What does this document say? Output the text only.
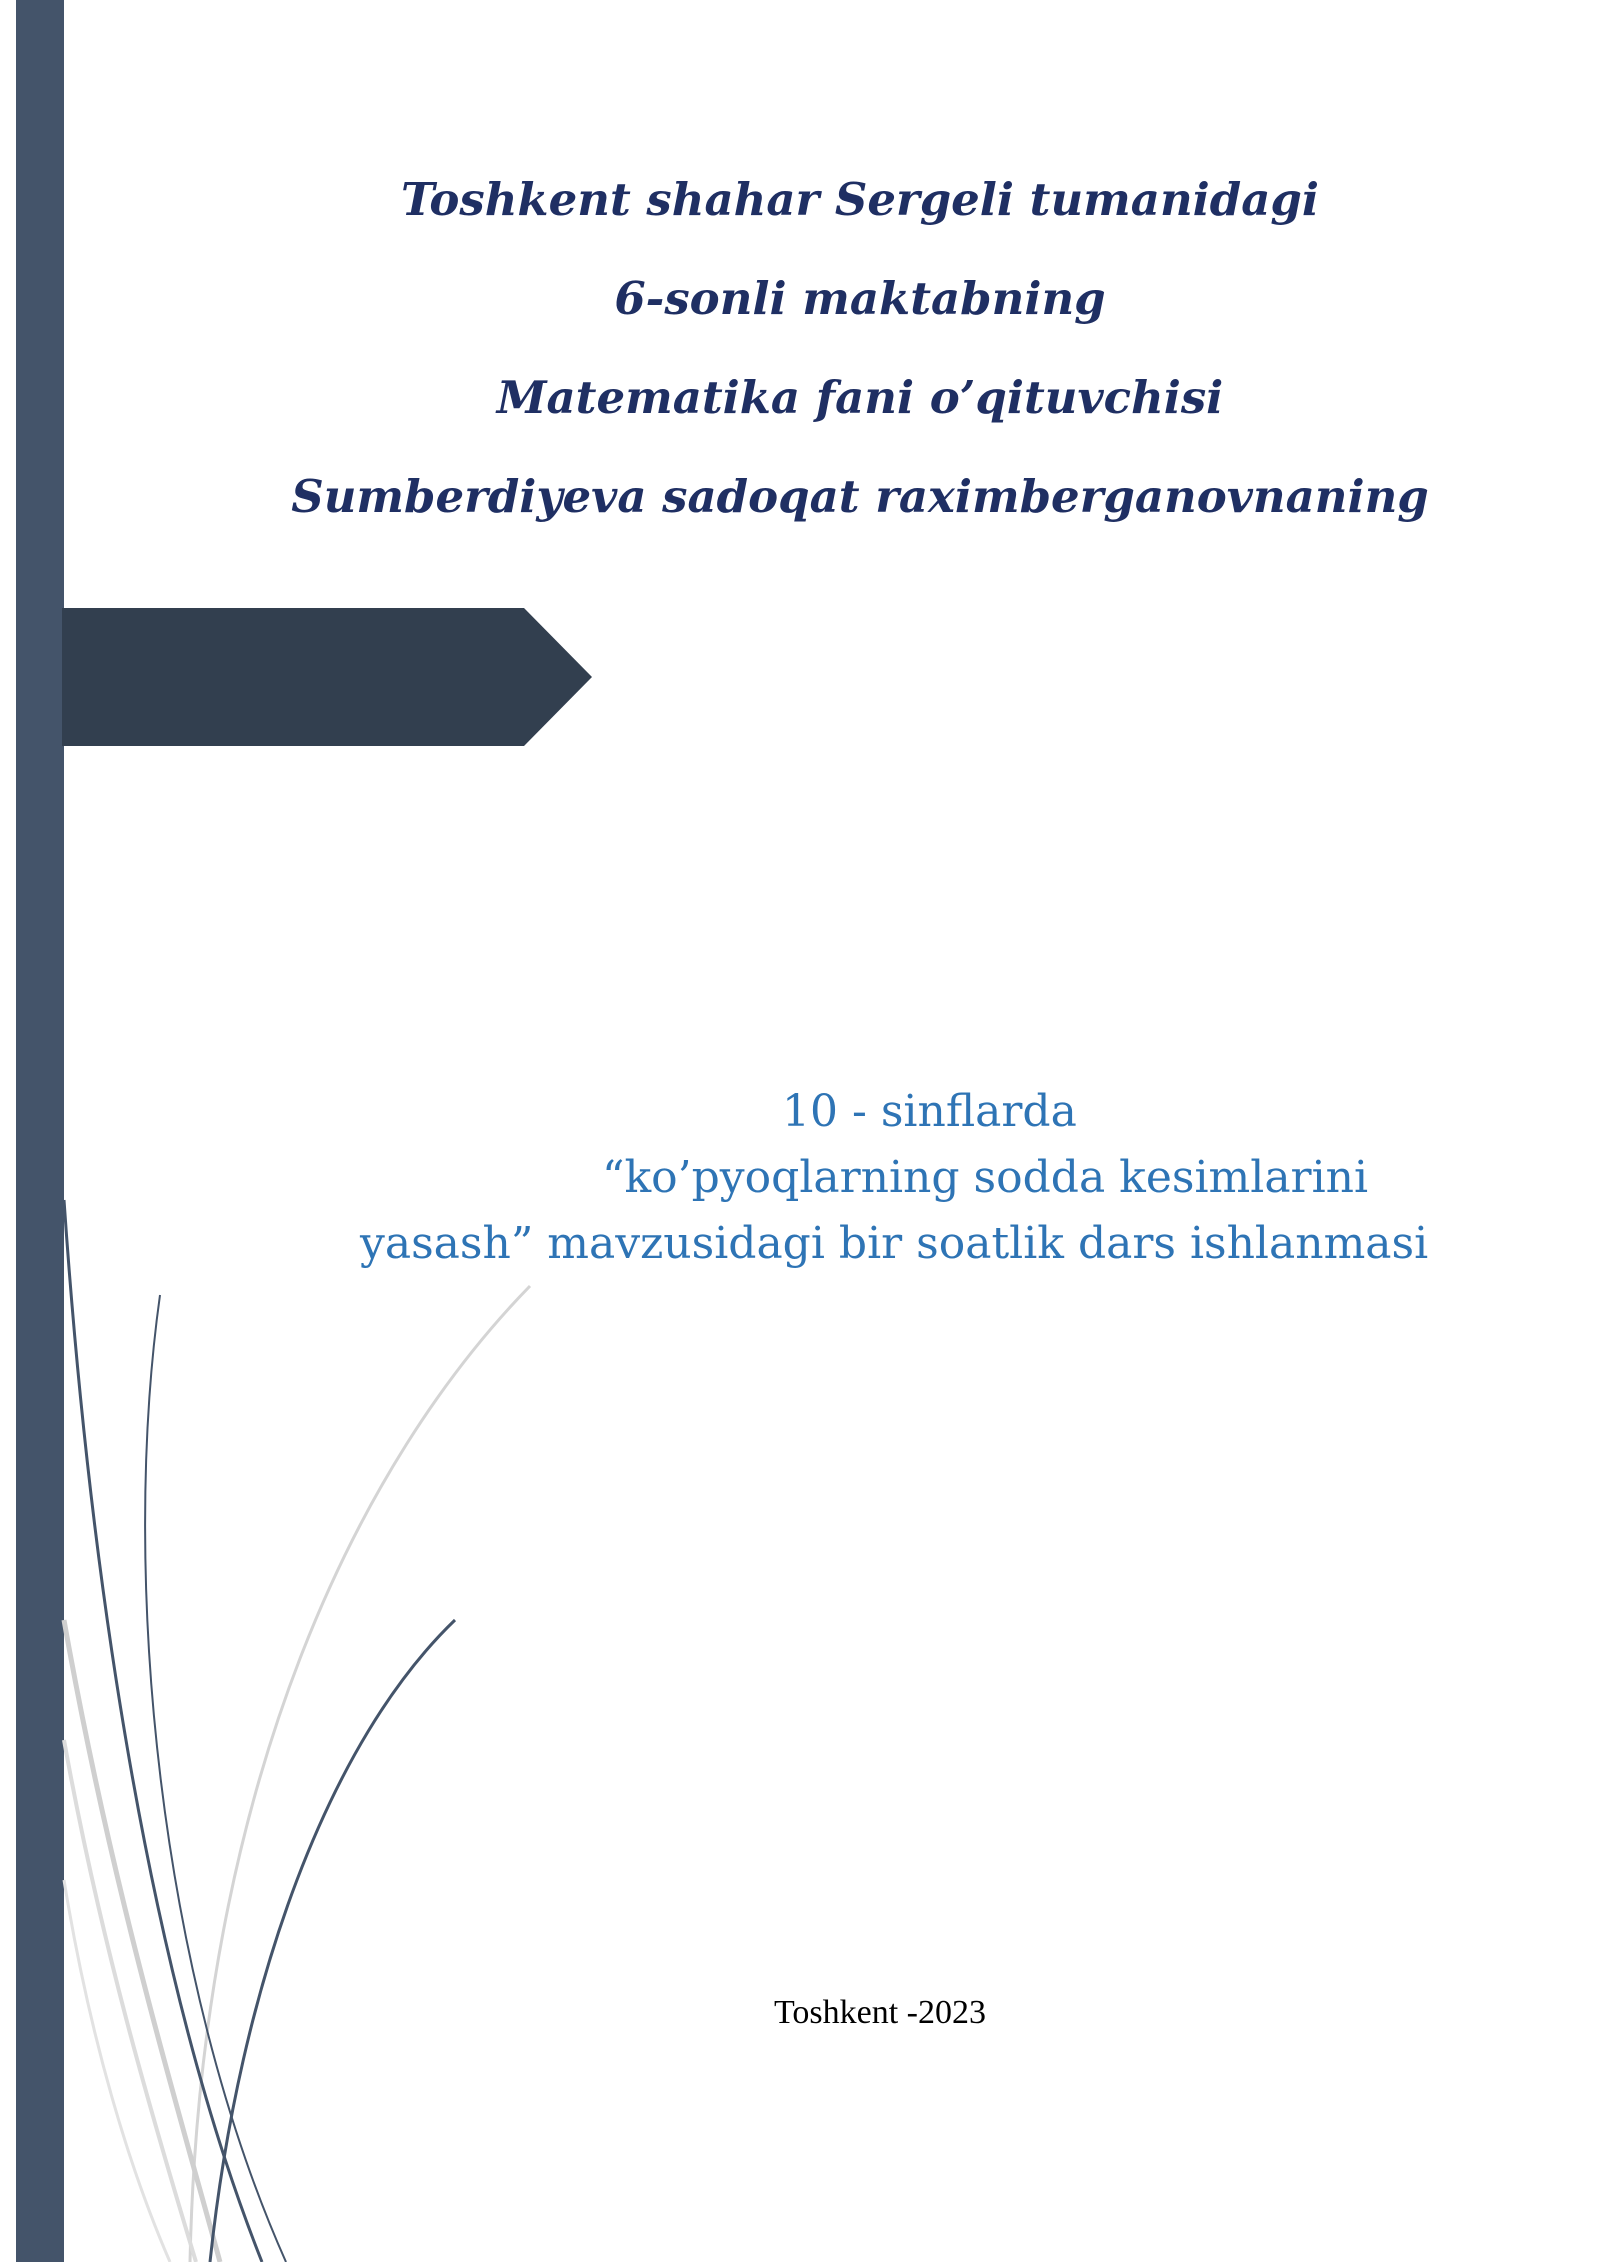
Toshkent shahar Sergeli tumanidagi
6-sonli maktabning
Matematika fani o’qituvchisi
Sumberdiyeva sadoqat raximberganovnaning
10 - sinflarda
“ko’pyoqlarning sodda kesimlarini
yasash” mavzusidagi bir soatlik dars ishlanmasi
Toshkent -2023
